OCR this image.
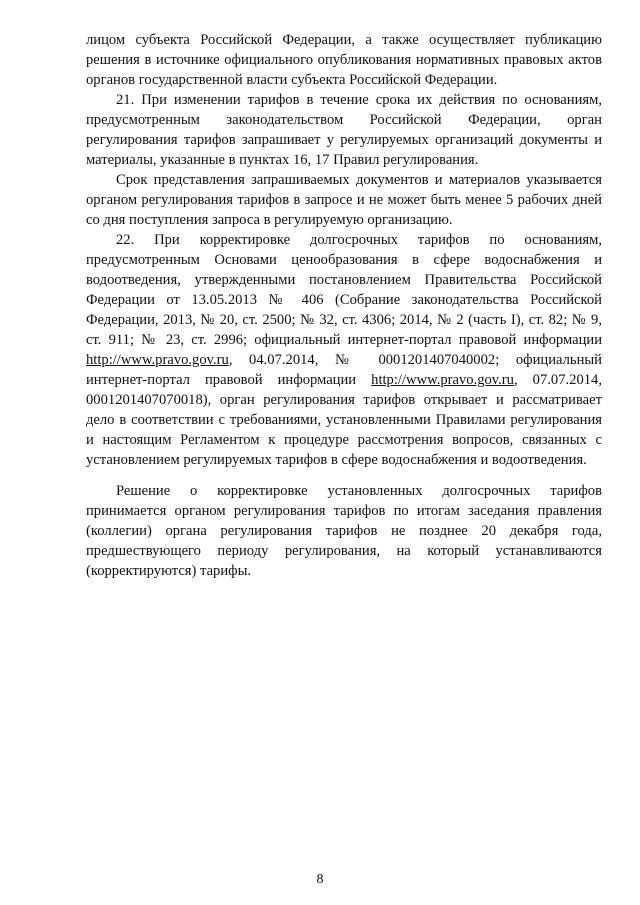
лицом субъекта Российской Федерации, а также осуществляет публикацию решения в источнике официального опубликования нормативных правовых актов органов государственной власти субъекта Российской Федерации.

21. При изменении тарифов в течение срока их действия по основаниям, предусмотренным законодательством Российской Федерации, орган регулирования тарифов запрашивает у регулируемых организаций документы и материалы, указанные в пунктах 16, 17 Правил регулирования.

Срок представления запрашиваемых документов и материалов указывается органом регулирования тарифов в запросе и не может быть менее 5 рабочих дней со дня поступления запроса в регулируемую организацию.

22. При корректировке долгосрочных тарифов по основаниям, предусмотренным Основами ценообразования в сфере водоснабжения и водоотведения, утвержденными постановлением Правительства Российской Федерации от 13.05.2013 № 406 (Собрание законодательства Российской Федерации, 2013, № 20, ст. 2500; № 32, ст. 4306; 2014, № 2 (часть I), ст. 82; № 9, ст. 911; № 23, ст. 2996; официальный интернет-портал правовой информации http://www.pravo.gov.ru, 04.07.2014, № 0001201407040002; официальный интернет-портал правовой информации http://www.pravo.gov.ru, 07.07.2014, 0001201407070018), орган регулирования тарифов открывает и рассматривает дело в соответствии с требованиями, установленными Правилами регулирования и настоящим Регламентом к процедуре рассмотрения вопросов, связанных с установлением регулируемых тарифов в сфере водоснабжения и водоотведения.

Решение о корректировке установленных долгосрочных тарифов принимается органом регулирования тарифов по итогам заседания правления (коллегии) органа регулирования тарифов не позднее 20 декабря года, предшествующего периоду регулирования, на который устанавливаются (корректируются) тарифы.

8
